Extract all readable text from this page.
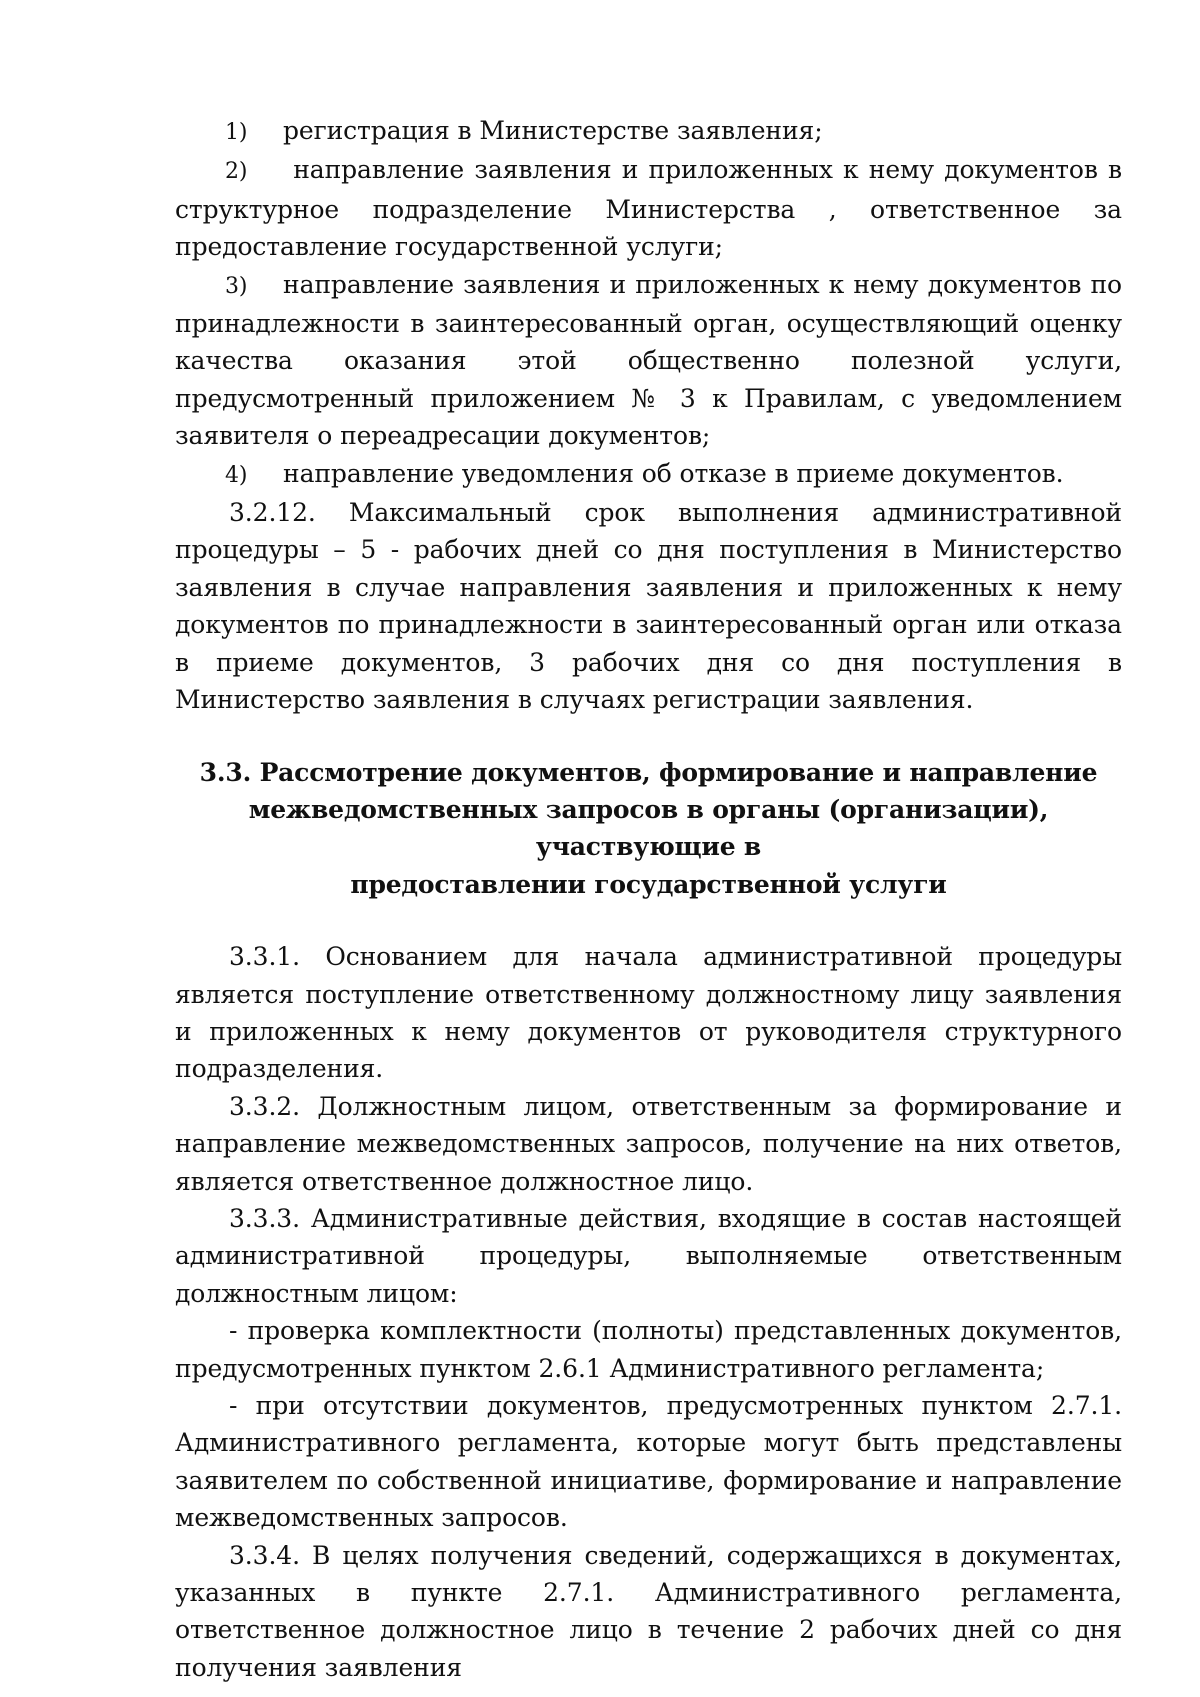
1) регистрация в Министерстве заявления;

2) направление заявления и приложенных к нему документов в структурное подразделение Министерства , ответственное за предоставление государственной услуги;

3) направление заявления и приложенных к нему документов по принадлежности в заинтересованный орган, осуществляющий оценку качества оказания этой общественно полезной услуги, предусмотренный приложением № 3 к Правилам, с уведомлением заявителя о переадресации документов;

4) направление уведомления об отказе в приеме документов.

3.2.12. Максимальный срок выполнения административной процедуры – 5 - рабочих дней со дня поступления в Министерство заявления в случае направления заявления и приложенных к нему документов по принадлежности в заинтересованный орган или отказа в приеме документов, 3 рабочих дня со дня поступления в Министерство заявления в случаях регистрации заявления.

3.3. Рассмотрение документов, формирование и направление

межведомственных запросов в органы (организации), участвующие в

предоставлении государственной услуги

3.3.1. Основанием для начала административной процедуры является поступление ответственному должностному лицу заявления и приложенных к нему документов от руководителя структурного подразделения.

3.3.2. Должностным лицом, ответственным за формирование и направление межведомственных запросов, получение на них ответов, является ответственное должностное лицо.

3.3.3. Административные действия, входящие в состав настоящей административной процедуры, выполняемые ответственным должностным лицом:

- проверка комплектности (полноты) представленных документов, предусмотренных пунктом 2.6.1 Административного регламента;

- при отсутствии документов, предусмотренных пунктом 2.7.1. Административного регламента, которые могут быть представлены заявителем по собственной инициативе, формирование и направление межведомственных запросов.

3.3.4. В целях получения сведений, содержащихся в документах, указанных в пункте 2.7.1. Административного регламента, ответственное должностное лицо в течение 2 рабочих дней со дня получения заявления
